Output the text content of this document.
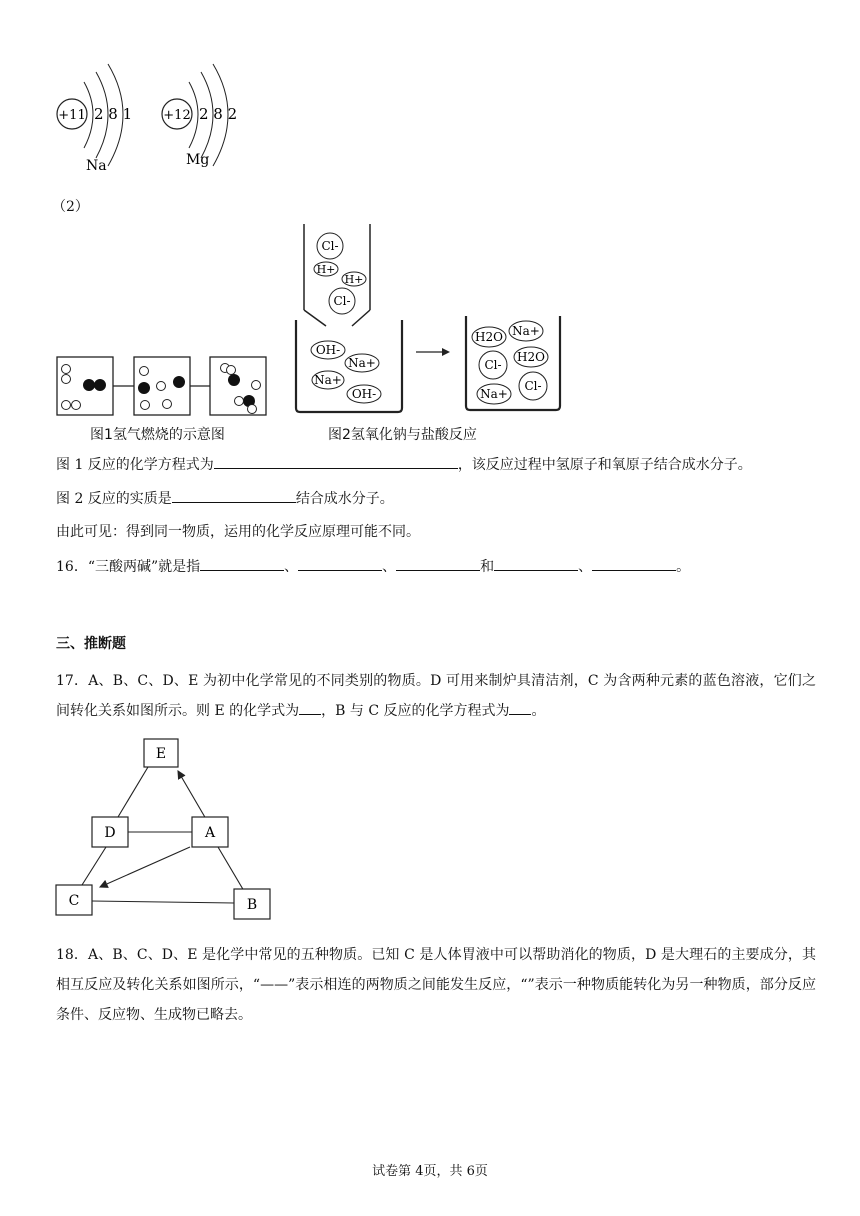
+11 2 8 1
Na
+12 2 8 2
Mg
（2）
图1氢气燃烧的示意图
Cl-
H+
H+
Cl-
OH-
Na+
Na+
OH-
H2O Na+
Cl-
H2O
Na+
Cl-
图2氢氧化钠与盐酸反应
图 1 反应的化学方程式为	，该反应过程中氢原子和氧原子结合成水分子。
图 2 反应的实质是	结合成水分子。
由此可见：得到同一物质，运用的化学反应原理可能不同。
16．“三酸两碱”就是指	、	、	和	、	。
三、推断题
17．A、B、C、D、E 为初中化学常见的不同类别的物质。D 可用来制炉具清洁剂，C 为含两种元素的蓝色溶液，它们之间转化关系如图所示。则 E 的化学式为 ，B 与 C 反应的化学方程式为 。
E
D	A
C	B
18．A、B、C、D、E 是化学中常见的五种物质。已知 C 是人体胃液中可以帮助消化的物质，D 是大理石的主要成分，其相互反应及转化关系如图所示，“——”表示相连的两物质之间能发生反应，“”表示一种物质能转化为另一种物质，部分反应条件、反应物、生成物已略去。
试卷第 4页，共 6页
